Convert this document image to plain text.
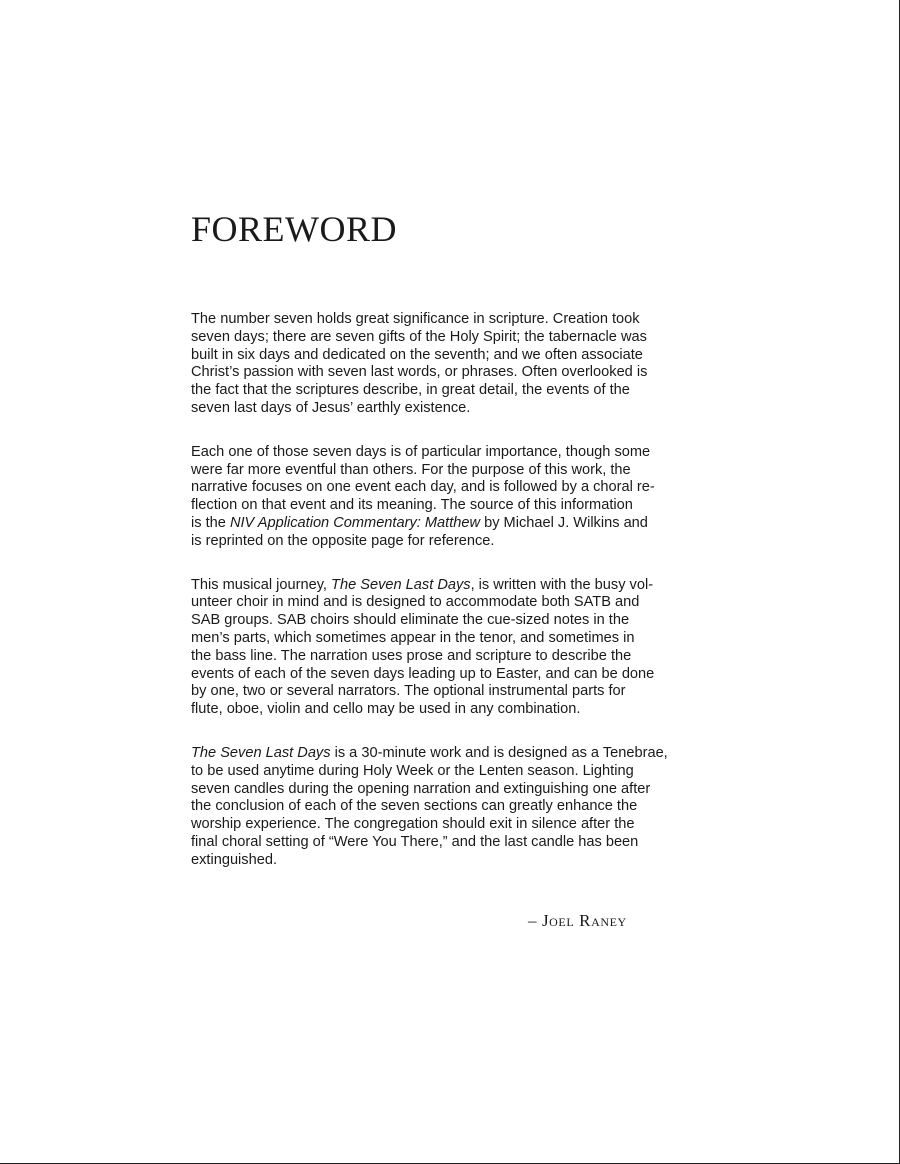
FOREWORD

The number seven holds great significance in scripture. Creation took

seven days; there are seven gifts of the Holy Spirit; the tabernacle was

built in six days and dedicated on the seventh; and we often associate

Christ’s passion with seven last words, or phrases. Often overlooked is

the fact that the scriptures describe, in great detail, the events of the

seven last days of Jesus’ earthly existence.

Each one of those seven days is of particular importance, though some

were far more eventful than others. For the purpose of this work, the

narrative focuses on one event each day, and is followed by a choral re-

flection on that event and its meaning. The source of this information

is the NIV Application Commentary: Matthew by Michael J. Wilkins and

is reprinted on the opposite page for reference.

This musical journey, The Seven Last Days, is written with the busy vol-

unteer choir in mind and is designed to accommodate both SATB and

SAB groups. SAB choirs should eliminate the cue-sized notes in the

men’s parts, which sometimes appear in the tenor, and sometimes in

the bass line. The narration uses prose and scripture to describe the

events of each of the seven days leading up to Easter, and can be done

by one, two or several narrators. The optional instrumental parts for

flute, oboe, violin and cello may be used in any combination.

The Seven Last Days is a 30-minute work and is designed as a Tenebrae,

to be used anytime during Holy Week or the Lenten season. Lighting

seven candles during the opening narration and extinguishing one after

the conclusion of each of the seven sections can greatly enhance the

worship experience. The congregation should exit in silence after the

final choral setting of “Were You There,” and the last candle has been

extinguished.

– Joel Raney
